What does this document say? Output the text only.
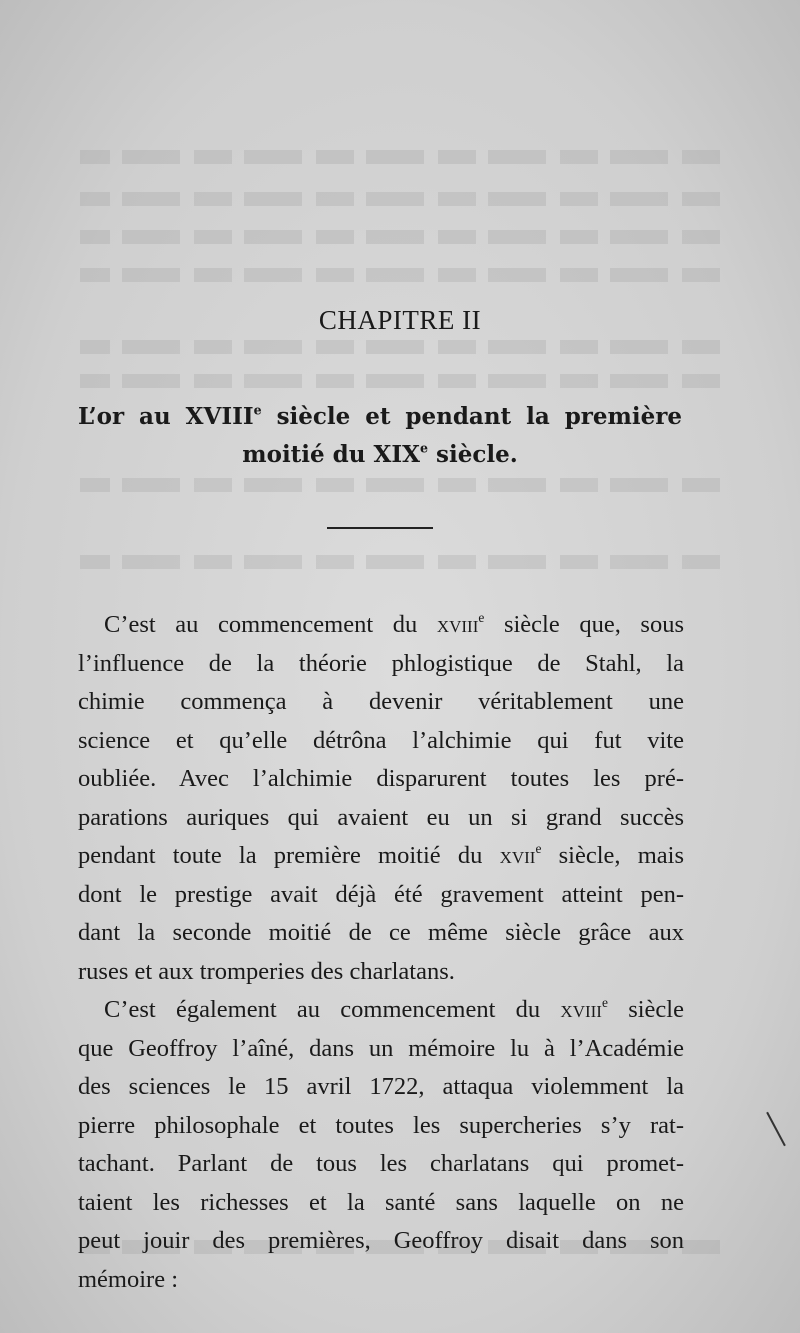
CHAPITRE II
L’or au XVIIIe siècle et pendant la première
moitié du XIXe siècle.

C’est au commencement du xviii$^e$ siècle que, sous
l’influence de la théorie phlogistique de Stahl, la
chimie commença à devenir véritablement une
science et qu’elle détrôna l’alchimie qui fut vite
oubliée. Avec l’alchimie disparurent toutes les pré-
parations auriques qui avaient eu un si grand succès
pendant toute la première moitié du xvii$^e$ siècle, mais
dont le prestige avait déjà été gravement atteint pen-
dant la seconde moitié de ce même siècle grâce aux
ruses et aux tromperies des charlatans.

C’est également au commencement du xviii$^e$ siècle
que Geoffroy l’aîné, dans un mémoire lu à l’Académie
des sciences le 15 avril 1722, attaqua violemment la
pierre philosophale et toutes les supercheries s’y rat-
tachant. Parlant de tous les charlatans qui promet-
taient les richesses et la santé sans laquelle on ne
peut jouir des premières, Geoffroy disait dans son
mémoire :
